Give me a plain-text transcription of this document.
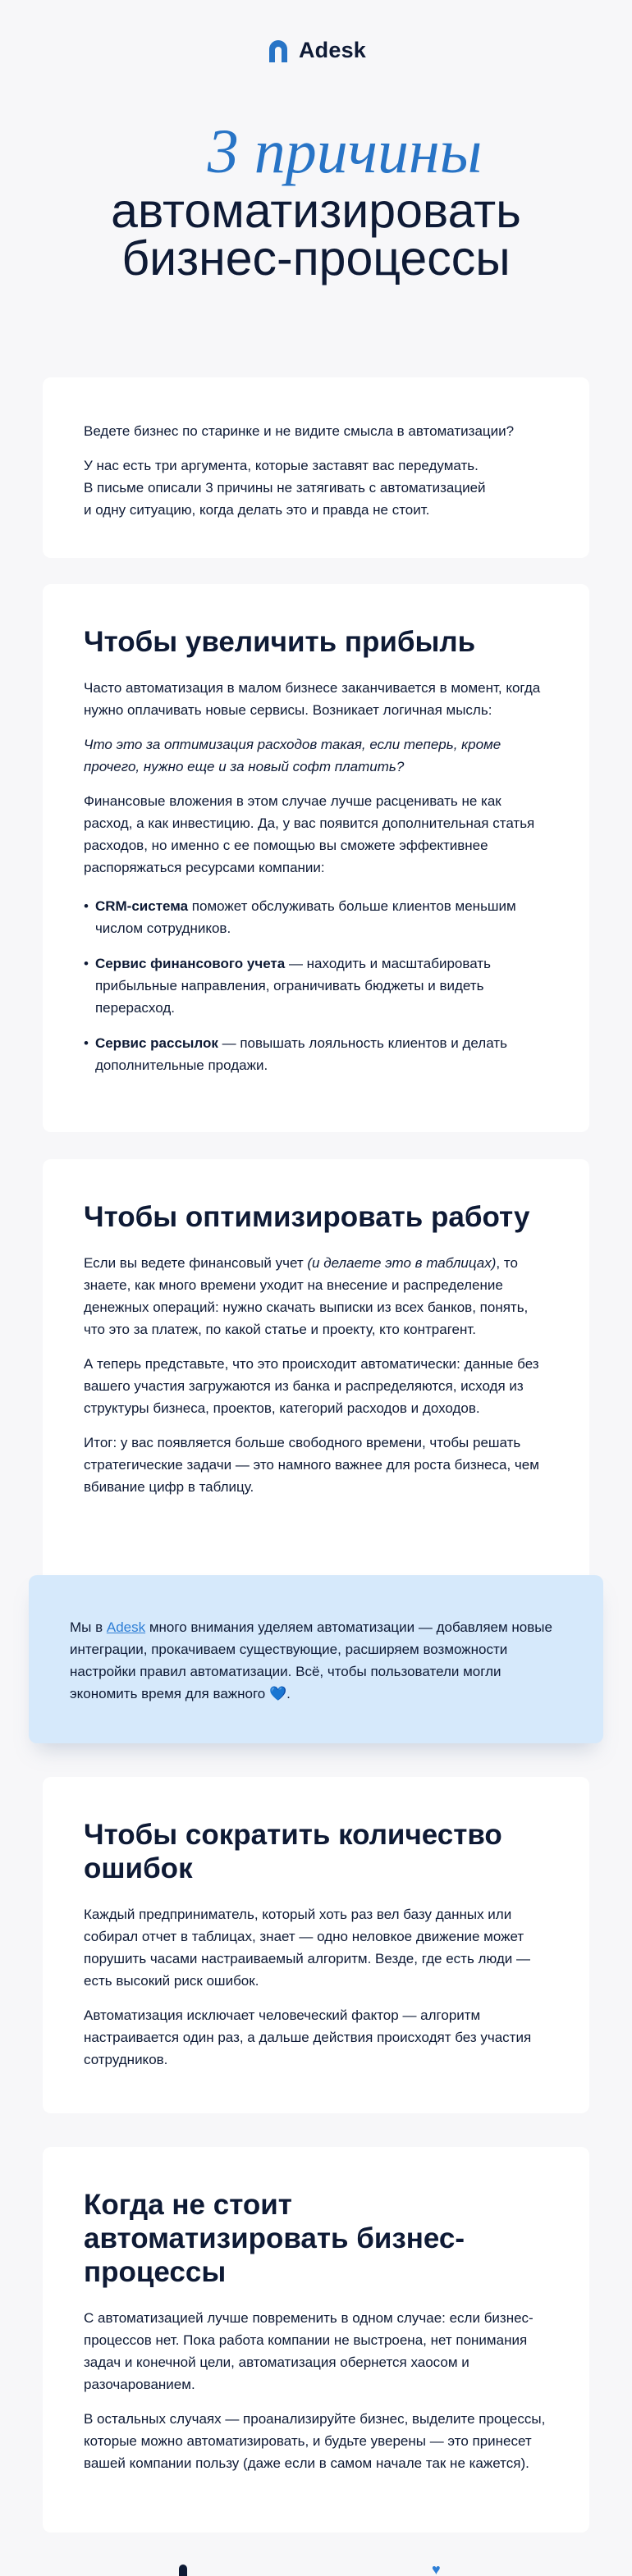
Adesk
3 причины
автоматизировать
бизнес-процессы

Ведете бизнес по старинке и не видите смысла в автоматизации?

У нас есть три аргумента, которые заставят вас передумать.

В письме описали 3 причины не затягивать с автоматизацией

и одну ситуацию, когда делать это и правда не стоит.

Чтобы увеличить прибыль

Часто автоматизация в малом бизнесе заканчивается в момент, когда нужно оплачивать новые сервисы. Возникает логичная мысль:

Что это за оптимизация расходов такая, если теперь, кроме прочего, нужно еще и за новый софт платить?

Финансовые вложения в этом случае лучше расценивать не как расход, а как инвестицию. Да, у вас появится дополнительная статья расходов, но именно с ее помощью вы сможете эффективнее распоряжаться ресурсами компании:

• CRM-система поможет обслуживать больше клиентов меньшим числом сотрудников.
• Сервис финансового учета — находить и масштабировать прибыльные направления, ограничивать бюджеты и видеть перерасход.
• Сервис рассылок — повышать лояльность клиентов и делать дополнительные продажи.
Чтобы оптимизировать работу

Если вы ведете финансовый учет (и делаете это в таблицах), то знаете, как много времени уходит на внесение и распределение денежных операций: нужно скачать выписки из всех банков, понять, что это за платеж, по какой статье и проекту, кто контрагент.

А теперь представьте, что это происходит автоматически: данные без вашего участия загружаются из банка и распределяются, исходя из структуры бизнеса, проектов, категорий расходов и доходов.

Итог: у вас появляется больше свободного времени, чтобы решать стратегические задачи — это намного важнее для роста бизнеса, чем вбивание цифр в таблицу.

Мы в Adesk много внимания уделяем автоматизации — добавляем новые интеграции, прокачиваем существующие, расширяем возможности настройки правил автоматизации. Всё, чтобы пользователи могли экономить время для важного 💙.

Чтобы сократить количество ошибок

Каждый предприниматель, который хоть раз вел базу данных или собирал отчет в таблицах, знает — одно неловкое движение может порушить часами настраиваемый алгоритм. Везде, где есть люди — есть высокий риск ошибок.

Автоматизация исключает человеческий фактор — алгоритм настраивается один раз, а дальше действия происходят без участия сотрудников.

Когда не стоит автоматизировать бизнес-процессы

С автоматизацией лучше повременить в одном случае: если бизнес-процессов нет. Пока работа компании не выстроена, нет понимания задач и конечной цели, автоматизация обернется хаосом и разочарованием.

В остальных случаях — проанализируйте бизнес, выделите процессы, которые можно автоматизировать, и будьте уверены — это принесет вашей компании пользу (даже если в самом начале так не кажется).

♥
